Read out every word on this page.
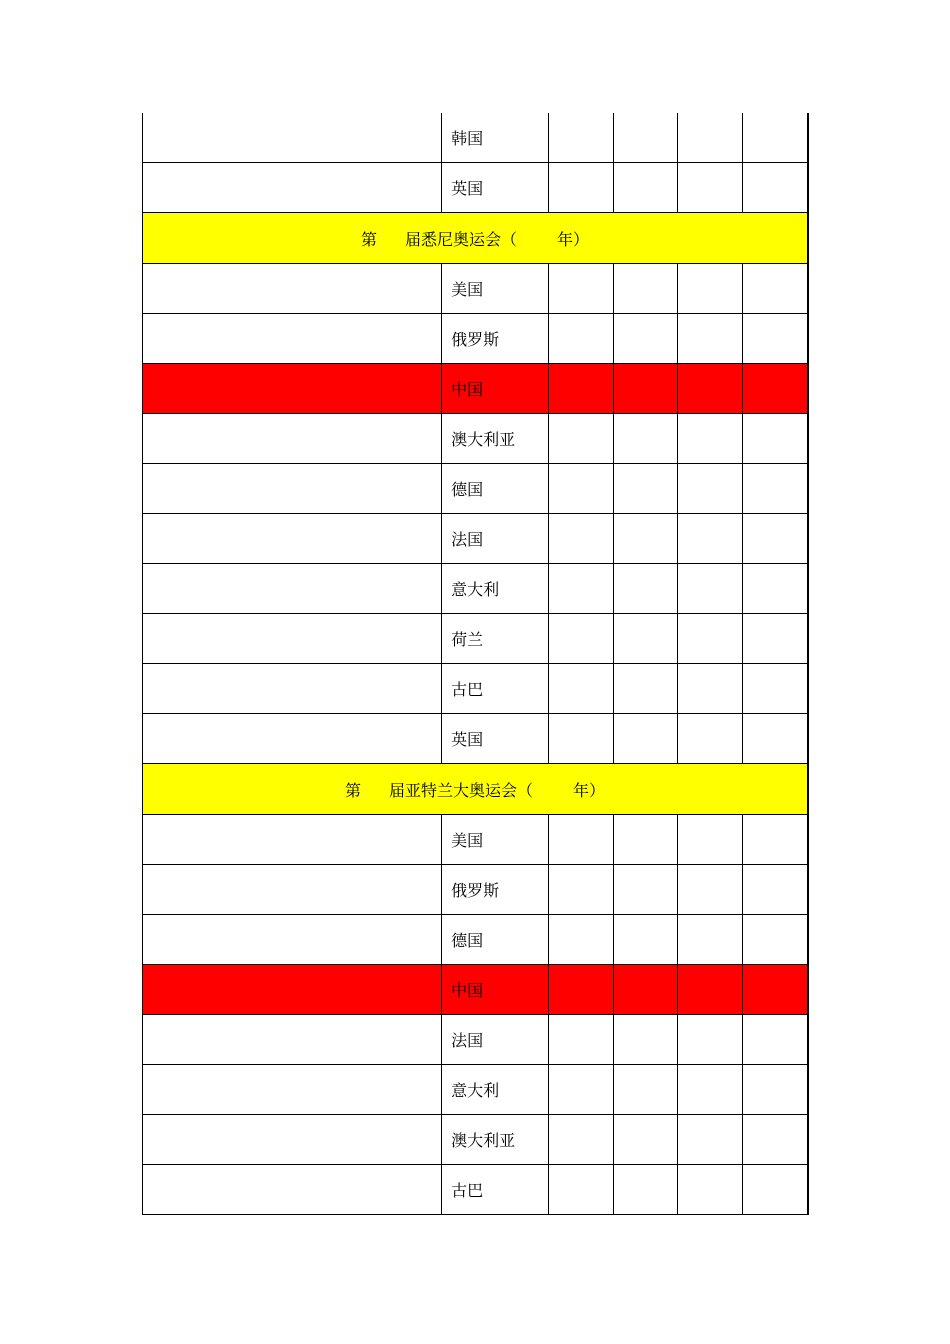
韩国
英国
第 届悉尼奥运会（	年）
美国
俄罗斯
中国
澳大利亚
德国
法国
意大利
荷兰
古巴
英国
第 届亚特兰大奥运会（	年）
美国
俄罗斯
德国
中国
法国
意大利
澳大利亚
古巴
